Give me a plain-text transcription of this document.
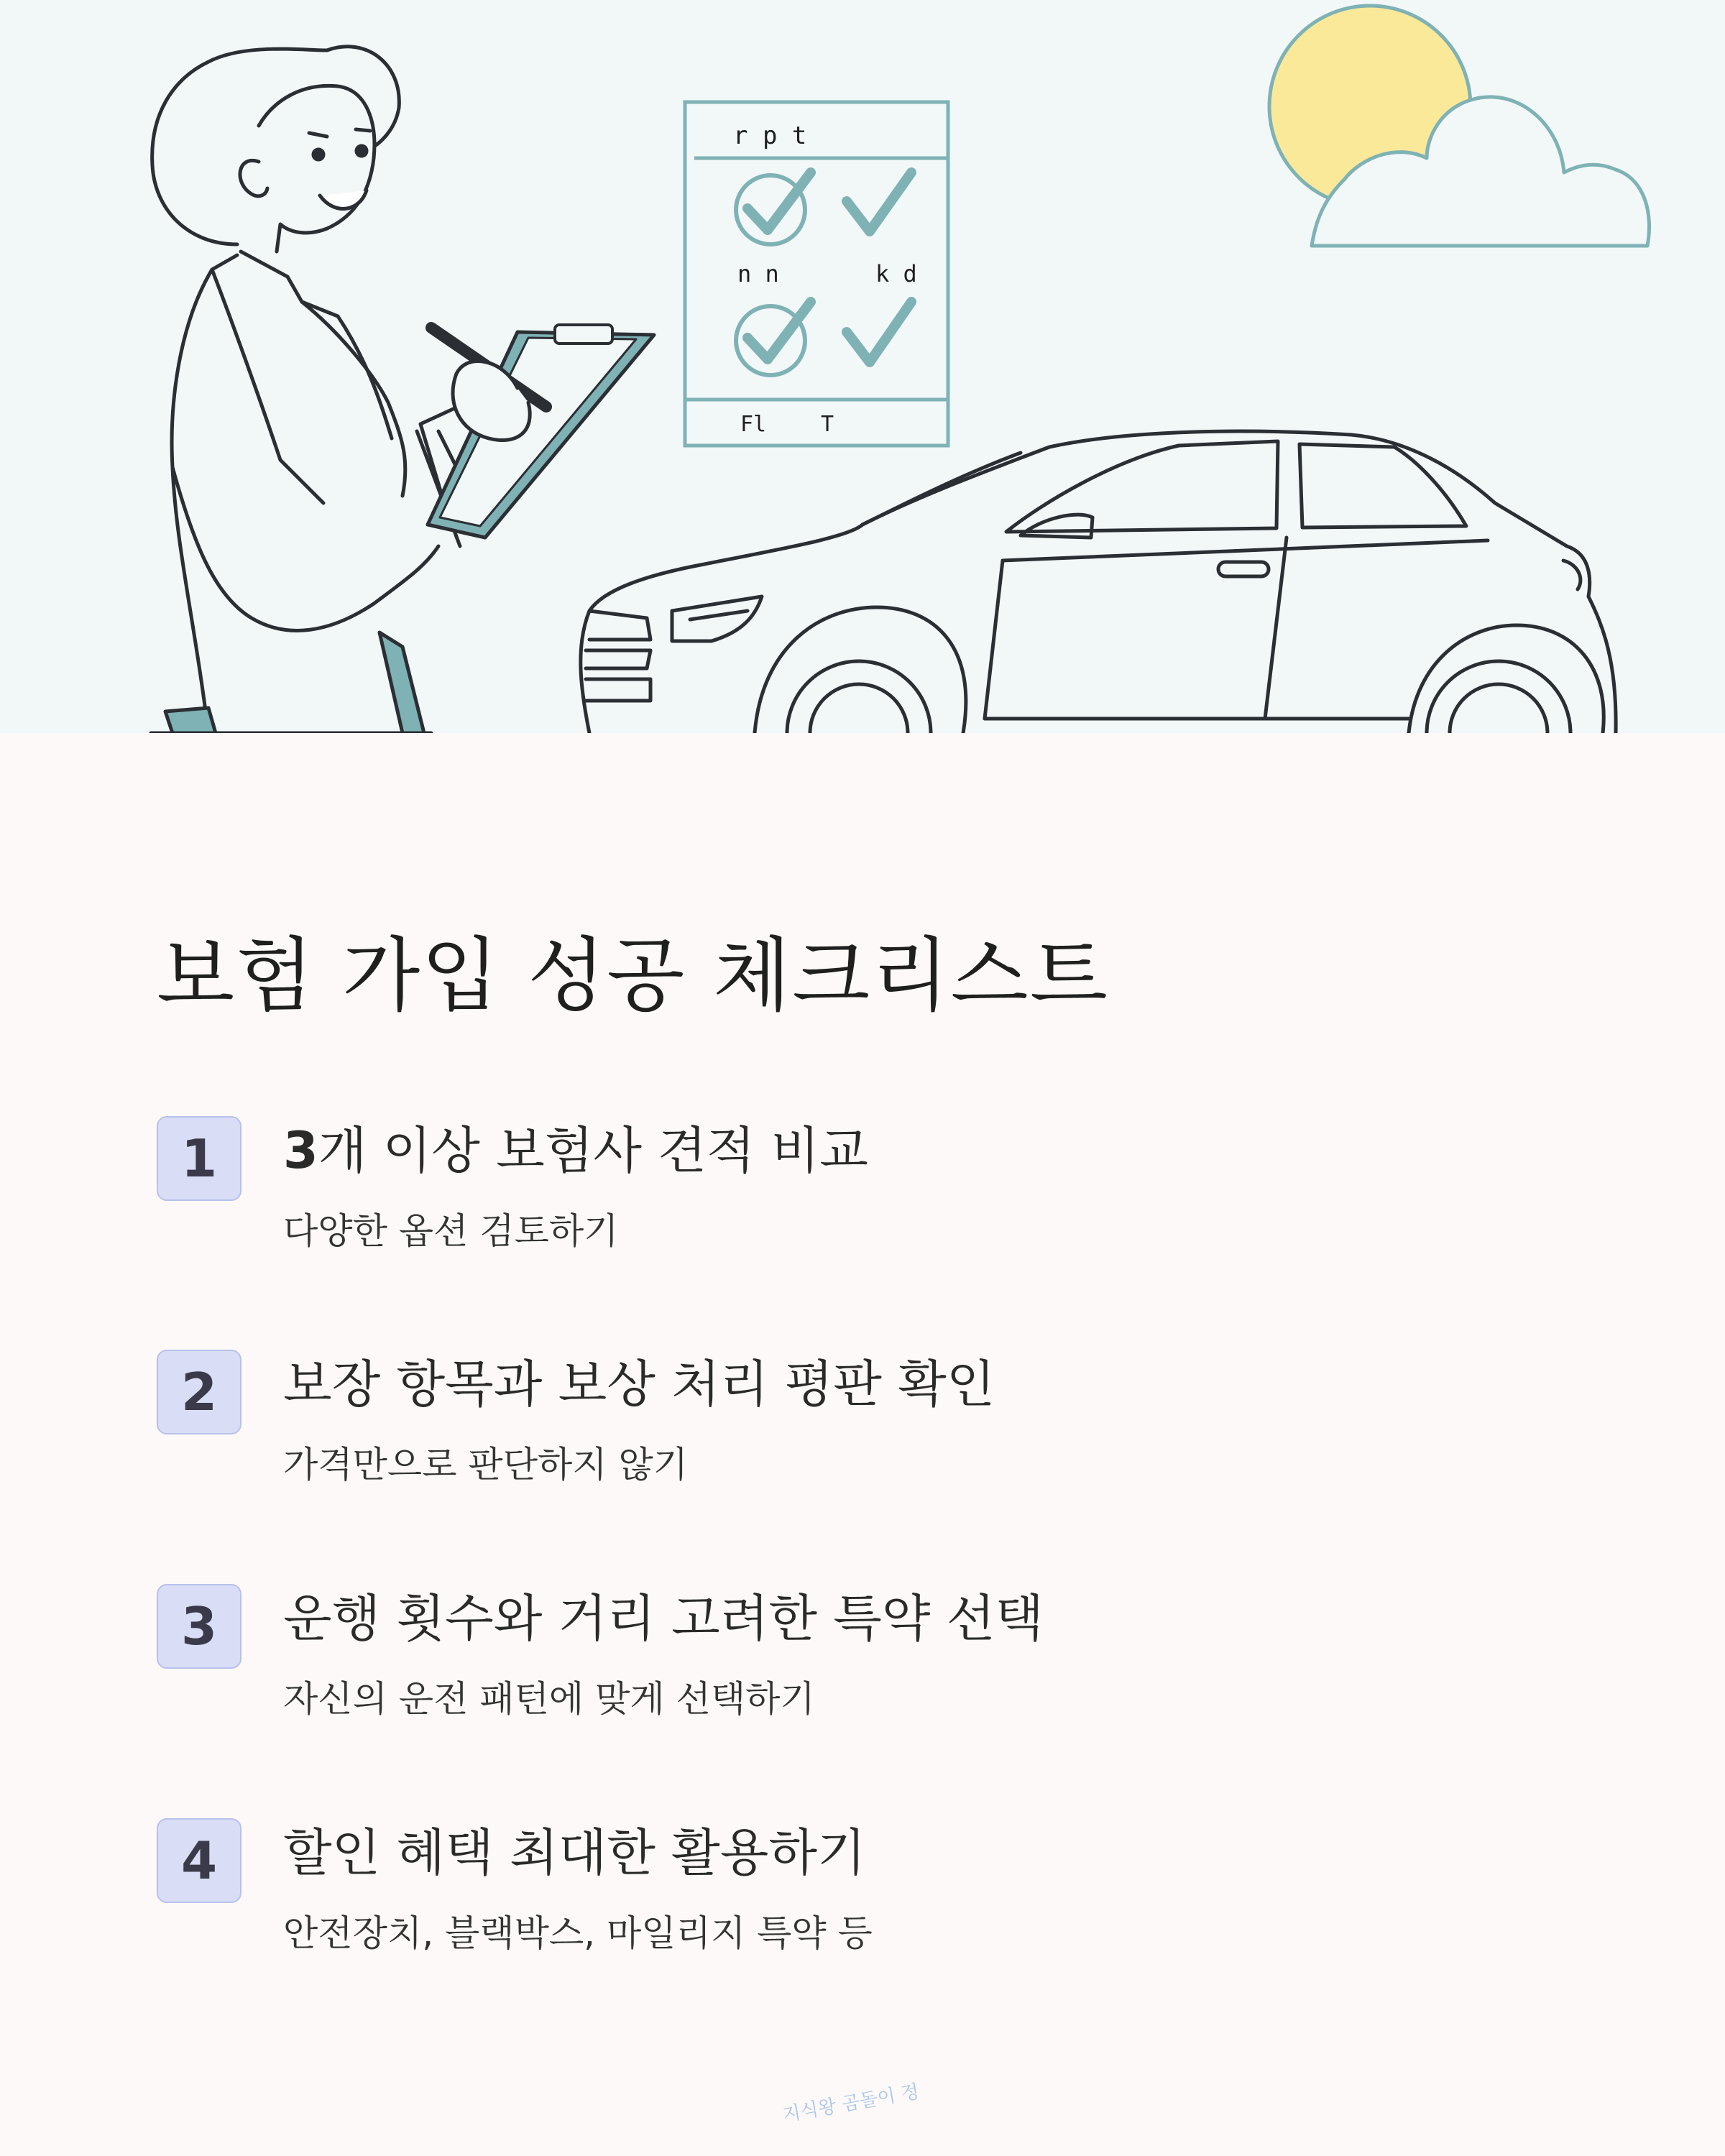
r p t
n n	k d
Fl	T
보험 가입 성공 체크리스트
1	3개 이상 보험사 견적 비교
다양한 옵션 검토하기
2	보장 항목과 보상 처리 평판 확인
가격만으로 판단하지 않기
3	운행 횟수와 거리 고려한 특약 선택
자신의 운전 패턴에 맞게 선택하기
4	할인 혜택 최대한 활용하기
안전장치, 블랙박스, 마일리지 특약 등
지식왕 곰돌이 정
